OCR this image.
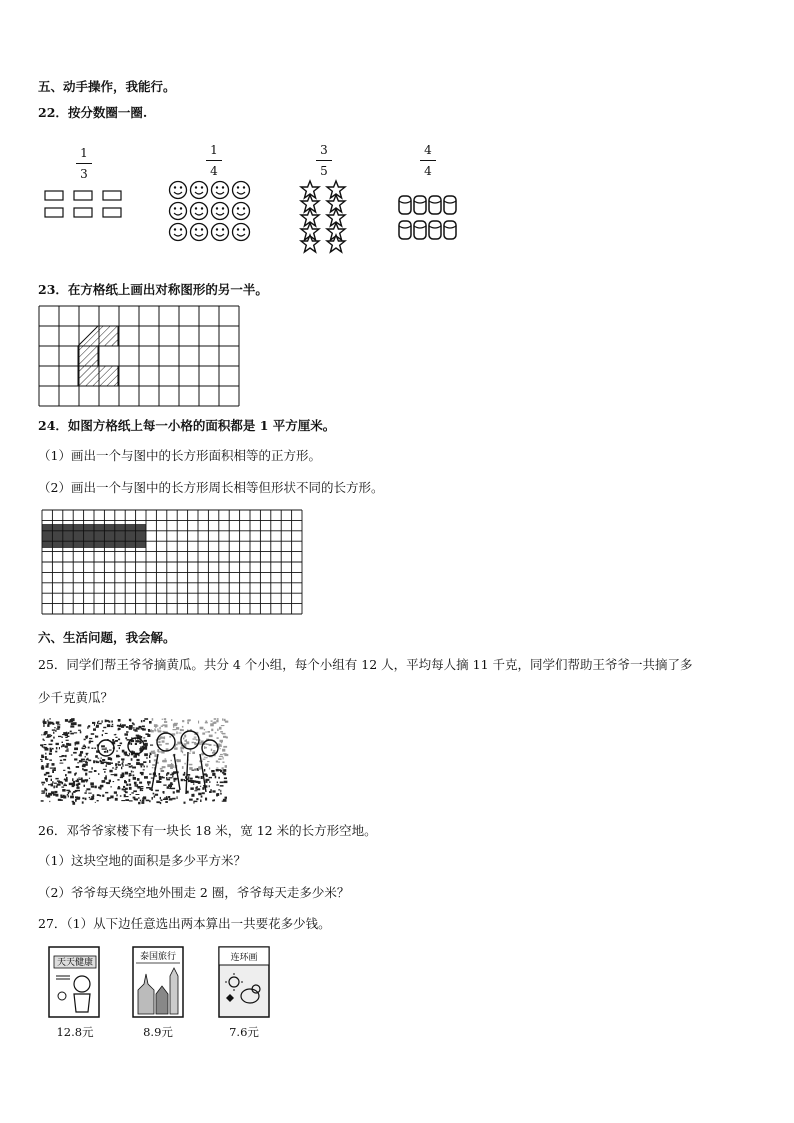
五、动手操作，我能行。
22．按分数圈一圈.
1
3
1
4
3
5
4
4
23．在方格纸上画出对称图形的另一半。
24．如图方格纸上每一小格的面积都是 1 平方厘米。
（1）画出一个与图中的长方形面积相等的正方形。
（2）画出一个与图中的长方形周长相等但形状不同的长方形。
六、生活问题，我会解。
25．同学们帮王爷爷摘黄瓜。共分 4 个小组，每个小组有 12 人，平均每人摘 11 千克，同学们帮助王爷爷一共摘了多
少千克黄瓜？
26．邓爷爷家楼下有一块长 18 米，宽 12 米的长方形空地。
（1）这块空地的面积是多少平方米？
（2）爷爷每天绕空地外围走 2 圈，爷爷每天走多少米？
27．（1）从下边任意选出两本算出一共要花多少钱。
天天健康
12.8元
泰国旅行
8.9元
连环画
7.6元
